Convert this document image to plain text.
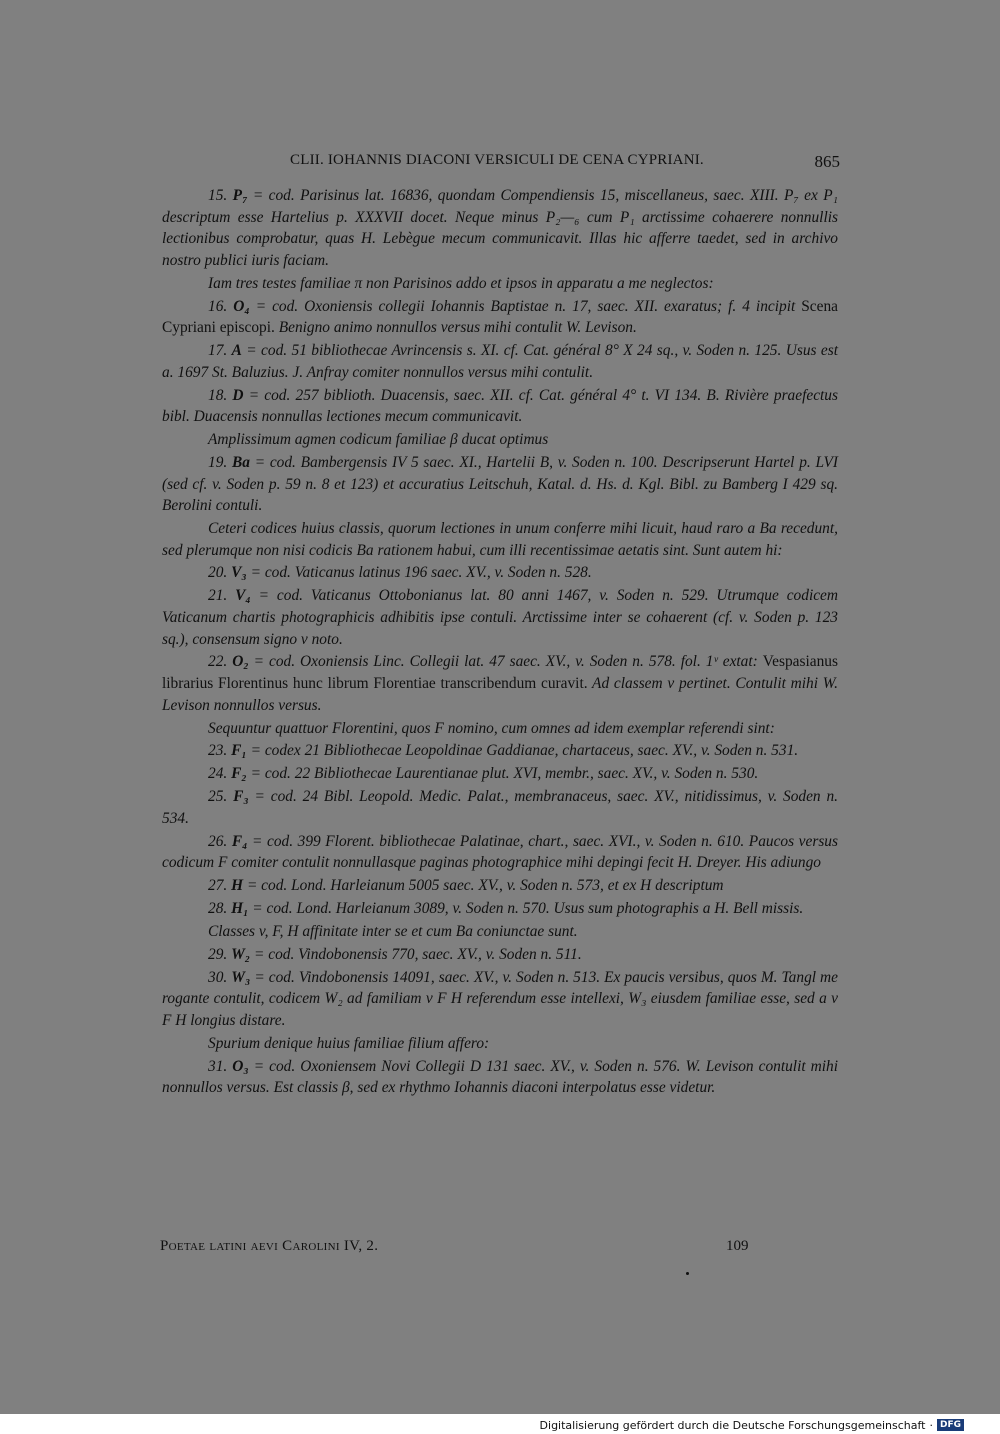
CLII. IOHANNIS DIACONI VERSICULI DE CENA CYPRIANI.	865

15. P₇ = cod. Parisinus lat. 16836, quondam Compendiensis 15, miscellaneus, saec. XIII. P₇ ex P₁ descriptum esse Hartelius p. XXXVII docet. Neque minus P₂—₆ cum P₁ arctissime cohaerere nonnullis lectionibus comprobatur, quas H. Lebègue mecum communicavit. Illas hic afferre taedet, sed in archivo nostro publici iuris faciam.

Iam tres testes familiae π non Parisinos addo et ipsos in apparatu a me neglectos:

16. O₄ = cod. Oxoniensis collegii Iohannis Baptistae n. 17, saec. XII. exaratus; f. 4 incipit Scena Cypriani episcopi. Benigno animo nonnullos versus mihi contulit W. Levison.

17. A = cod. 51 bibliothecae Avrincensis s. XI. cf. Cat. général 8° X 24 sq., v. Soden n. 125. Usus est a. 1697 St. Baluzius. J. Anfray comiter nonnullos versus mihi contulit.

18. D = cod. 257 biblioth. Duacensis, saec. XII. cf. Cat. général 4° t. VI 134. B. Rivière praefectus bibl. Duacensis nonnullas lectiones mecum communicavit.

Amplissimum agmen codicum familiae β ducat optimus

19. Ba = cod. Bambergensis IV 5 saec. XI., Hartelii B, v. Soden n. 100. Descripserunt Hartel p. LVI (sed cf. v. Soden p. 59 n. 8 et 123) et accuratius Leitschuh, Katal. d. Hs. d. Kgl. Bibl. zu Bamberg I 429 sq. Berolini contuli.

Ceteri codices huius classis, quorum lectiones in unum conferre mihi licuit, haud raro a Ba recedunt, sed plerumque non nisi codicis Ba rationem habui, cum illi recentissimae aetatis sint. Sunt autem hi:

20. V₃ = cod. Vaticanus latinus 196 saec. XV., v. Soden n. 528.

21. V₄ = cod. Vaticanus Ottobonianus lat. 80 anni 1467, v. Soden n. 529. Utrumque codicem Vaticanum chartis photographicis adhibitis ipse contuli. Arctissime inter se cohaerent (cf. v. Soden p. 123 sq.), consensum signo v noto.

22. O₂ = cod. Oxoniensis Linc. Collegii lat. 47 saec. XV., v. Soden n. 578. fol. 1ᵛ extat: Vespasianus librarius Florentinus hunc librum Florentiae transcribendum curavit. Ad classem v pertinet. Contulit mihi W. Levison nonnullos versus.

Sequuntur quattuor Florentini, quos F nomino, cum omnes ad idem exemplar referendi sint:

23. F₁ = codex 21 Bibliothecae Leopoldinae Gaddianae, chartaceus, saec. XV., v. Soden n. 531.

24. F₂ = cod. 22 Bibliothecae Laurentianae plut. XVI, membr., saec. XV., v. Soden n. 530.

25. F₃ = cod. 24 Bibl. Leopold. Medic. Palat., membranaceus, saec. XV., nitidissimus, v. Soden n. 534.

26. F₄ = cod. 399 Florent. bibliothecae Palatinae, chart., saec. XVI., v. Soden n. 610. Paucos versus codicum F comiter contulit nonnullasque paginas photographice mihi depingi fecit H. Dreyer. His adiungo

27. H = cod. Lond. Harleianum 5005 saec. XV., v. Soden n. 573, et ex H descriptum

28. H₁ = cod. Lond. Harleianum 3089, v. Soden n. 570. Usus sum photographis a H. Bell missis.

Classes v, F, H affinitate inter se et cum Ba coniunctae sunt.

29. W₂ = cod. Vindobonensis 770, saec. XV., v. Soden n. 511.

30. W₃ = cod. Vindobonensis 14091, saec. XV., v. Soden n. 513. Ex paucis versibus, quos M. Tangl me rogante contulit, codicem W₂ ad familiam v F H referendum esse intellexi, W₃ eiusdem familiae esse, sed a v F H longius distare.

Spurium denique huius familiae filium affero:

31. O₃ = cod. Oxoniensem Novi Collegii D 131 saec. XV., v. Soden n. 576. W. Levison contulit mihi nonnullos versus. Est classis β, sed ex rhythmo Iohannis diaconi interpolatus esse videtur.

Poetae latini aevi Carolini IV, 2.	109
Digitalisierung gefördert durch die Deutsche Forschungsgemeinschaft · DFG
